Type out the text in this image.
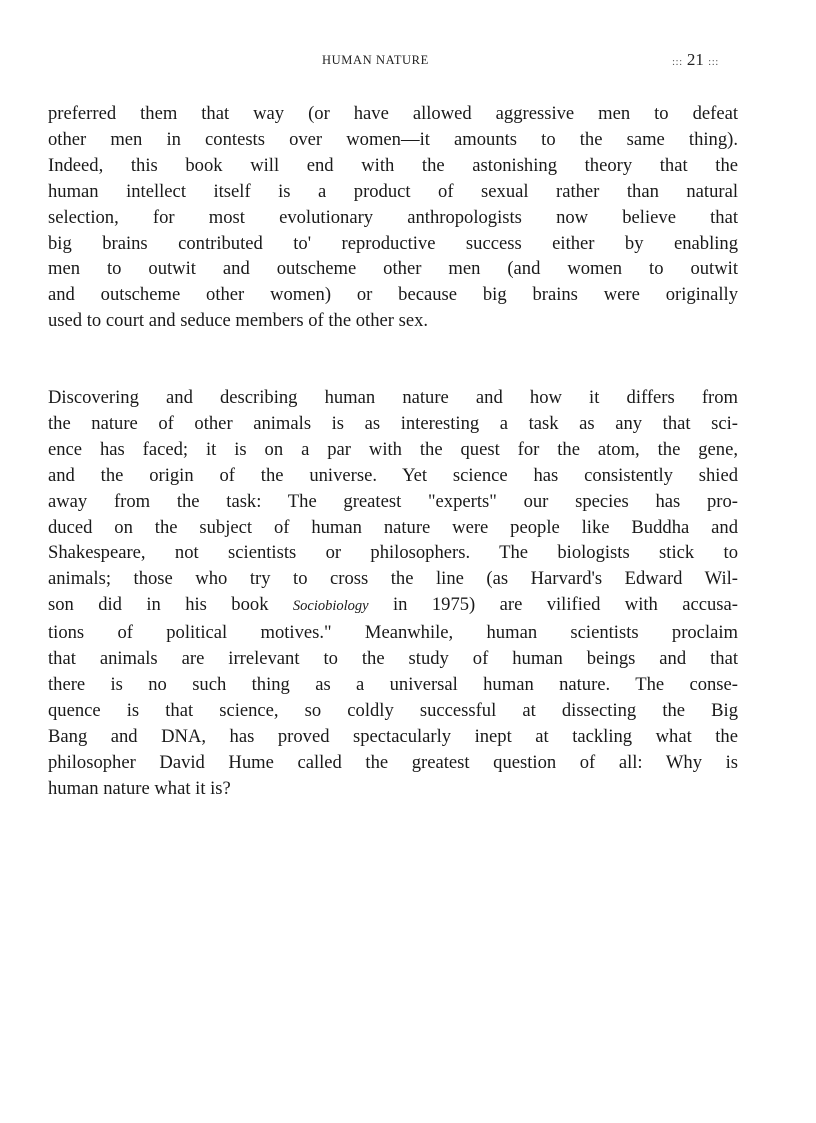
HUMAN NATURE	::: 21 :::
preferred them that way (or have allowed aggressive men to defeat
other men in contests over women—it amounts to the same thing).
Indeed, this book will end with the astonishing theory that the
human intellect itself is a product of sexual rather than natural
selection, for most evolutionary anthropologists now believe that
big brains contributed to' reproductive success either by enabling
men to outwit and outscheme other men (and women to outwit
and outscheme other women) or because big brains were originally
used to court and seduce members of the other sex.
Discovering and describing human nature and how it differs from
the nature of other animals is as interesting a task as any that sci-
ence has faced; it is on a par with the quest for the atom, the gene,
and the origin of the universe. Yet science has consistently shied
away from the task: The greatest "experts" our species has pro-
duced on the subject of human nature were people like Buddha and
Shakespeare, not scientists or philosophers. The biologists stick to
animals; those who try to cross the line (as Harvard's Edward Wil-
son did in his book Sociobiology in 1975) are vilified with accusa-
tions of political motives." Meanwhile, human scientists proclaim
that animals are irrelevant to the study of human beings and that
there is no such thing as a universal human nature. The conse-
quence is that science, so coldly successful at dissecting the Big
Bang and DNA, has proved spectacularly inept at tackling what the
philosopher David Hume called the greatest question of all: Why is
human nature what it is?
